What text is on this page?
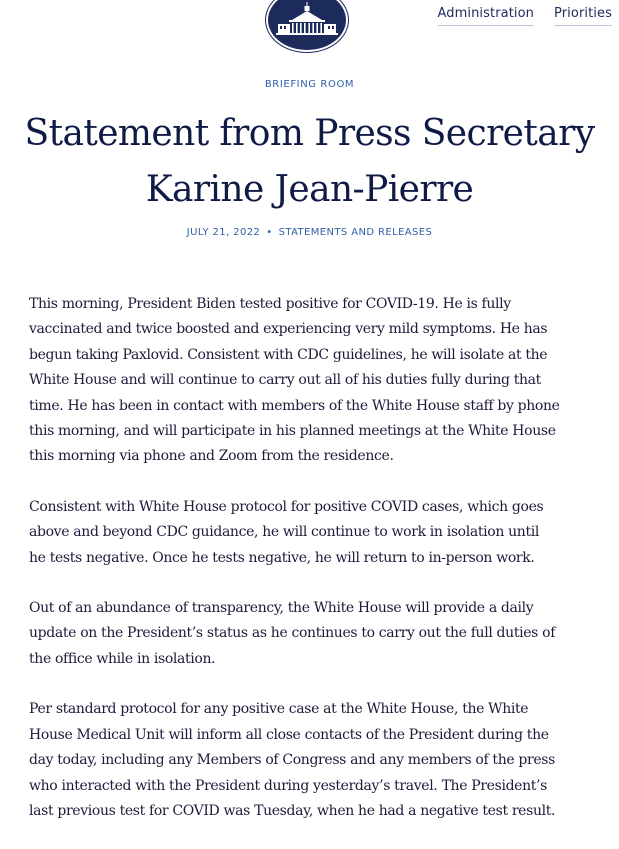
Administration Priorities
BRIEFING ROOM
Statement from Press Secretary
Karine Jean-Pierre
JULY 21, 2022 • STATEMENTS AND RELEASES

This morning, President Biden tested positive for COVID-19. He is fully
vaccinated and twice boosted and experiencing very mild symptoms. He has
begun taking Paxlovid. Consistent with CDC guidelines, he will isolate at the
White House and will continue to carry out all of his duties fully during that
time. He has been in contact with members of the White House staff by phone
this morning, and will participate in his planned meetings at the White House
this morning via phone and Zoom from the residence.

Consistent with White House protocol for positive COVID cases, which goes
above and beyond CDC guidance, he will continue to work in isolation until
he tests negative. Once he tests negative, he will return to in-person work.

Out of an abundance of transparency, the White House will provide a daily
update on the President’s status as he continues to carry out the full duties of
the office while in isolation.

Per standard protocol for any positive case at the White House, the White
House Medical Unit will inform all close contacts of the President during the
day today, including any Members of Congress and any members of the press
who interacted with the President during yesterday’s travel. The President’s
last previous test for COVID was Tuesday, when he had a negative test result.
